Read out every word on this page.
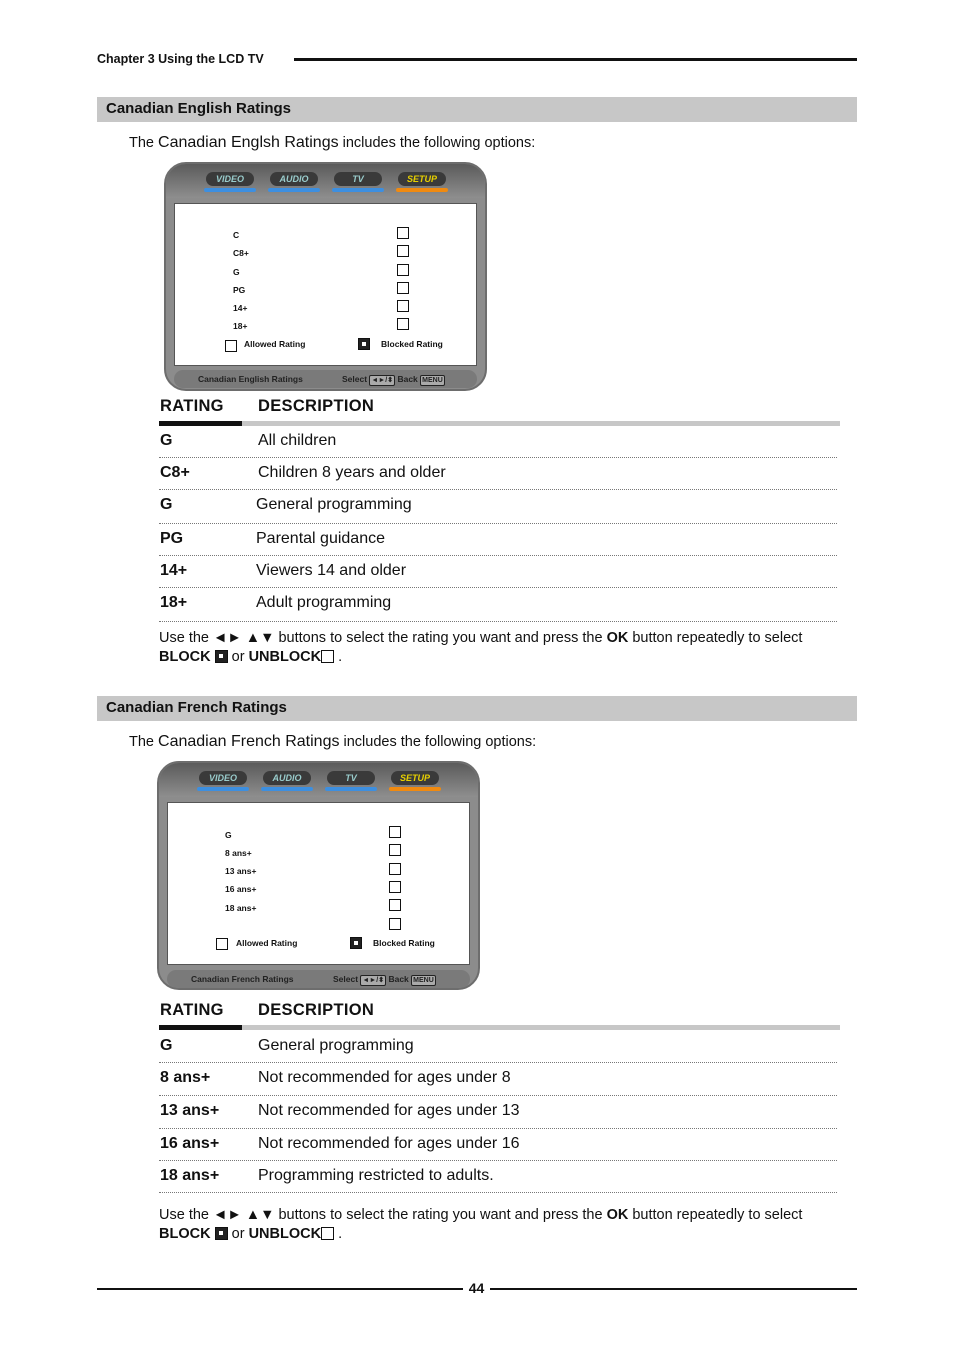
Chapter 3 Using the LCD TV
Canadian English Ratings
The Canadian Englsh Ratings includes the following options:
VIDEO	AUDIO	TV	SETUP
C
C8+
G
PG
14+
18+
Allowed Rating	Blocked Rating
Canadian English Ratings	Select ◄►/⬍ Back MENU
RATING DESCRIPTION
G	All children
C8+	Children 8 years and older
G	General programming
PG	Parental guidance
14+	Viewers 14 and older
18+	Adult programming
Use the ◄► ▲▼ buttons to select the rating you want and press the OK button repeatedly to select BLOCK or UNBLOCK .
Canadian French Ratings
The Canadian French Ratings includes the following options:
VIDEO	AUDIO	TV	SETUP
G
8 ans+
13 ans+
16 ans+
18 ans+
Allowed Rating	Blocked Rating
Canadian French Ratings	Select ◄►/⬍ Back MENU
RATING DESCRIPTION
G	General programming
8 ans+	Not recommended for ages under 8
13 ans+ Not recommended for ages under 13
16 ans+ Not recommended for ages under 16
18 ans+ Programming restricted to adults.
Use the ◄► ▲▼ buttons to select the rating you want and press the OK button repeatedly to select BLOCK or UNBLOCK .
44
